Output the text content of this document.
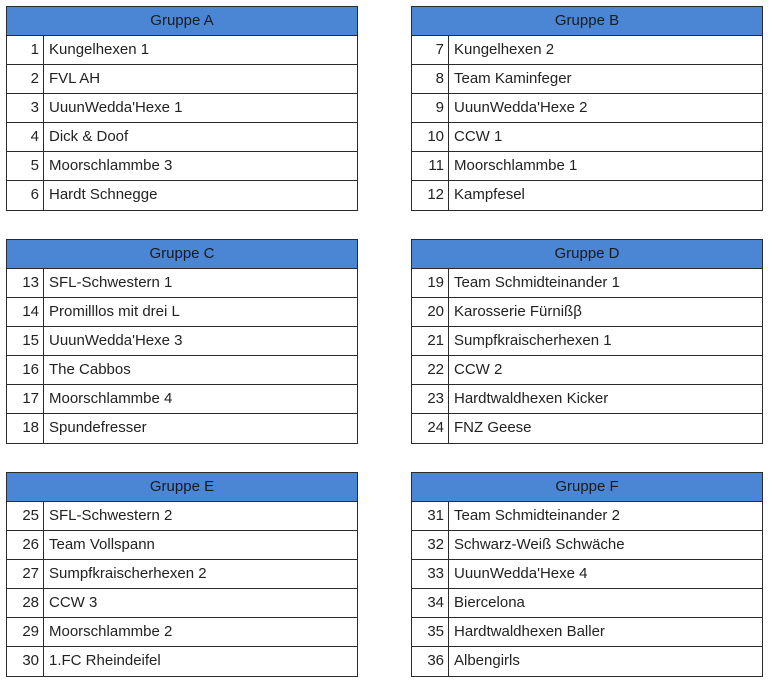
Gruppe A
1 Kungelhexen 1
2 FVL AH
3 UuunWedda'Hexe 1
4 Dick & Doof
5 Moorschlammbe 3
6 Hardt Schnegge
Gruppe B
7 Kungelhexen 2
8 Team Kaminfeger
9 UuunWedda'Hexe 2
10 CCW 1
11 Moorschlammbe 1
12 Kampfesel
Gruppe C
13 SFL-Schwestern 1
14 Promilllos mit drei L
15 UuunWedda'Hexe 3
16 The Cabbos
17 Moorschlammbe 4
18 Spundefresser
Gruppe D
19 Team Schmidteinander 1
20 Karosserie Fürnißβ
21 Sumpfkraischerhexen 1
22 CCW 2
23 Hardtwaldhexen Kicker
24 FNZ Geese
Gruppe E
25 SFL-Schwestern 2
26 Team Vollspann
27 Sumpfkraischerhexen 2
28 CCW 3
29 Moorschlammbe 2
30 1.FC Rheindeifel
Gruppe F
31 Team Schmidteinander 2
32 Schwarz-Weiß Schwäche
33 UuunWedda'Hexe 4
34 Biercelona
35 Hardtwaldhexen Baller
36 Albengirls
